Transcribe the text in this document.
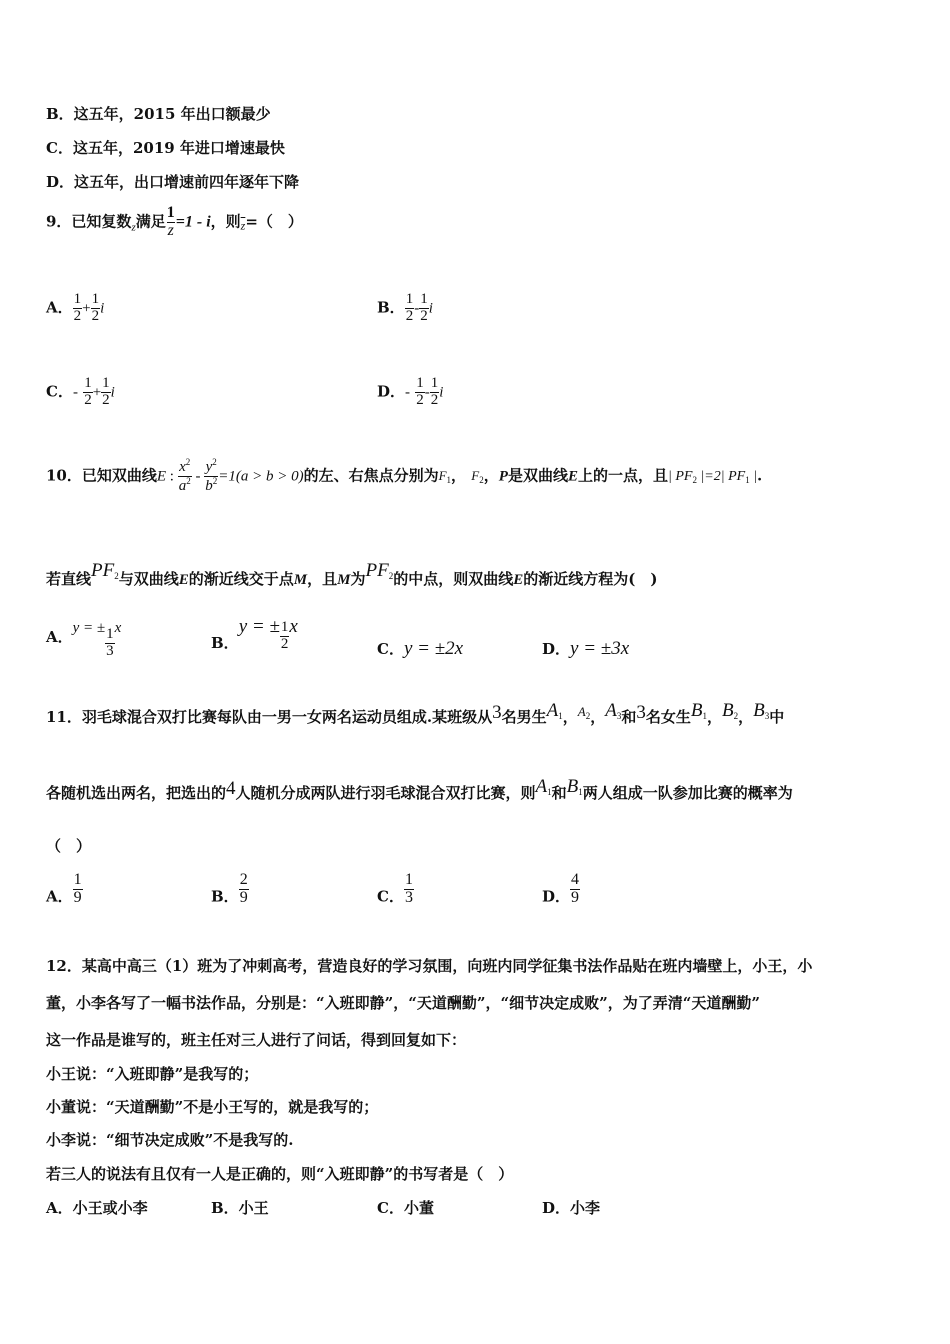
B．这五年，2015 年出口额最少
C．这五年，2019 年进口增速最快
D．这五年，出口增速前四年逐年下降
9．已知复数$_z$满足 $\frac{1}{z} =1 - i$，则$_{\overline{z}}$=（　）
A． $\frac{1}{2} + \frac{1}{2}$ i	B． $\frac{1}{2} - \frac{1}{2}$ i
C．- $\frac{1}{2} + \frac{1}{2}$ i	D．- $\frac{1}{2} - \frac{1}{2}$ i
10．已知双曲线E : $\frac{x^2}{a^2} - \frac{y^2}{b^2} =1(a > b > 0)$的左、右焦点分别为$F_1$， $F_2$，P是双曲线E上的一点，且| $PF_2$ |=2| $PF_1$ |.
若直线$PF_2$与双曲线E的渐近线交于点M，且M为$PF_2$的中点，则双曲线E的渐近线方程为(　)
A．y = ± $\frac{1}{3}$ x
B．y = ± $\frac{1}{2}$ x
C．y = ±2x	D．y = ±3x
11．羽毛球混合双打比赛每队由一男一女两名运动员组成.某班级从3名男生$A_1$，$A_2$，$A_3$和3名女生$B_1$，$B_2$，$B_3$中
各随机选出两名，把选出的4人随机分成两队进行羽毛球混合双打比赛，则$A_1$和$B_1$两人组成一队参加比赛的概率为
（　）
A． $\frac{1}{9}$	B． $\frac{2}{9}$	C． $\frac{1}{3}$	D． $\frac{4}{9}$
12．某高中高三（1）班为了冲刺高考，营造良好的学习氛围，向班内同学征集书法作品贴在班内墙壁上，小王，小
董，小李各写了一幅书法作品，分别是：“入班即静”，“天道酬勤”，“细节决定成败”，为了弄清“天道酬勤”
这一作品是谁写的，班主任对三人进行了问话，得到回复如下：
小王说：“入班即静”是我写的；
小董说：“天道酬勤”不是小王写的，就是我写的；
小李说：“细节决定成败”不是我写的.
若三人的说法有且仅有一人是正确的，则“入班即静”的书写者是（　）
A．小王或小李	B．小王	C．小董	D．小李
